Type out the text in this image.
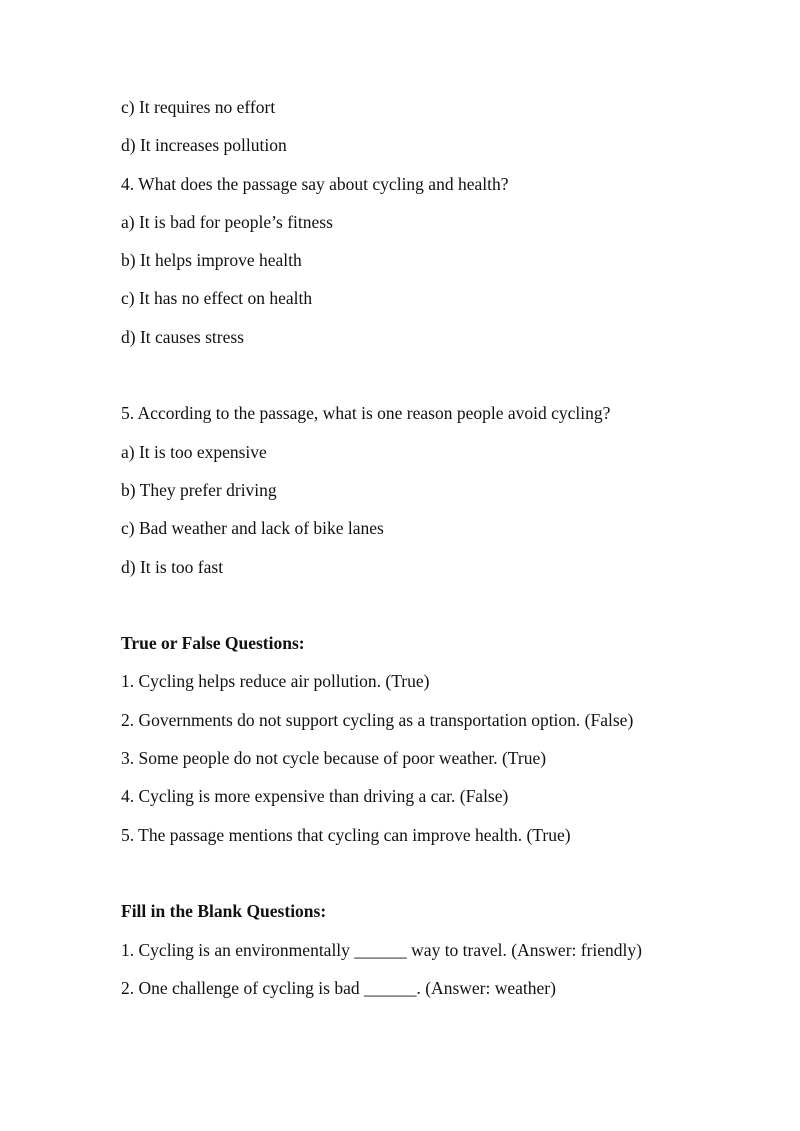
c) It requires no effort
d) It increases pollution
4. What does the passage say about cycling and health?
a) It is bad for people’s fitness
b) It helps improve health
c) It has no effect on health
d) It causes stress
5. According to the passage, what is one reason people avoid cycling?
a) It is too expensive
b) They prefer driving
c) Bad weather and lack of bike lanes
d) It is too fast
True or False Questions:
1. Cycling helps reduce air pollution. (True)
2. Governments do not support cycling as a transportation option. (False)
3. Some people do not cycle because of poor weather. (True)
4. Cycling is more expensive than driving a car. (False)
5. The passage mentions that cycling can improve health. (True)
Fill in the Blank Questions:
1. Cycling is an environmentally ______ way to travel. (Answer: friendly)
2. One challenge of cycling is bad ______. (Answer: weather)
